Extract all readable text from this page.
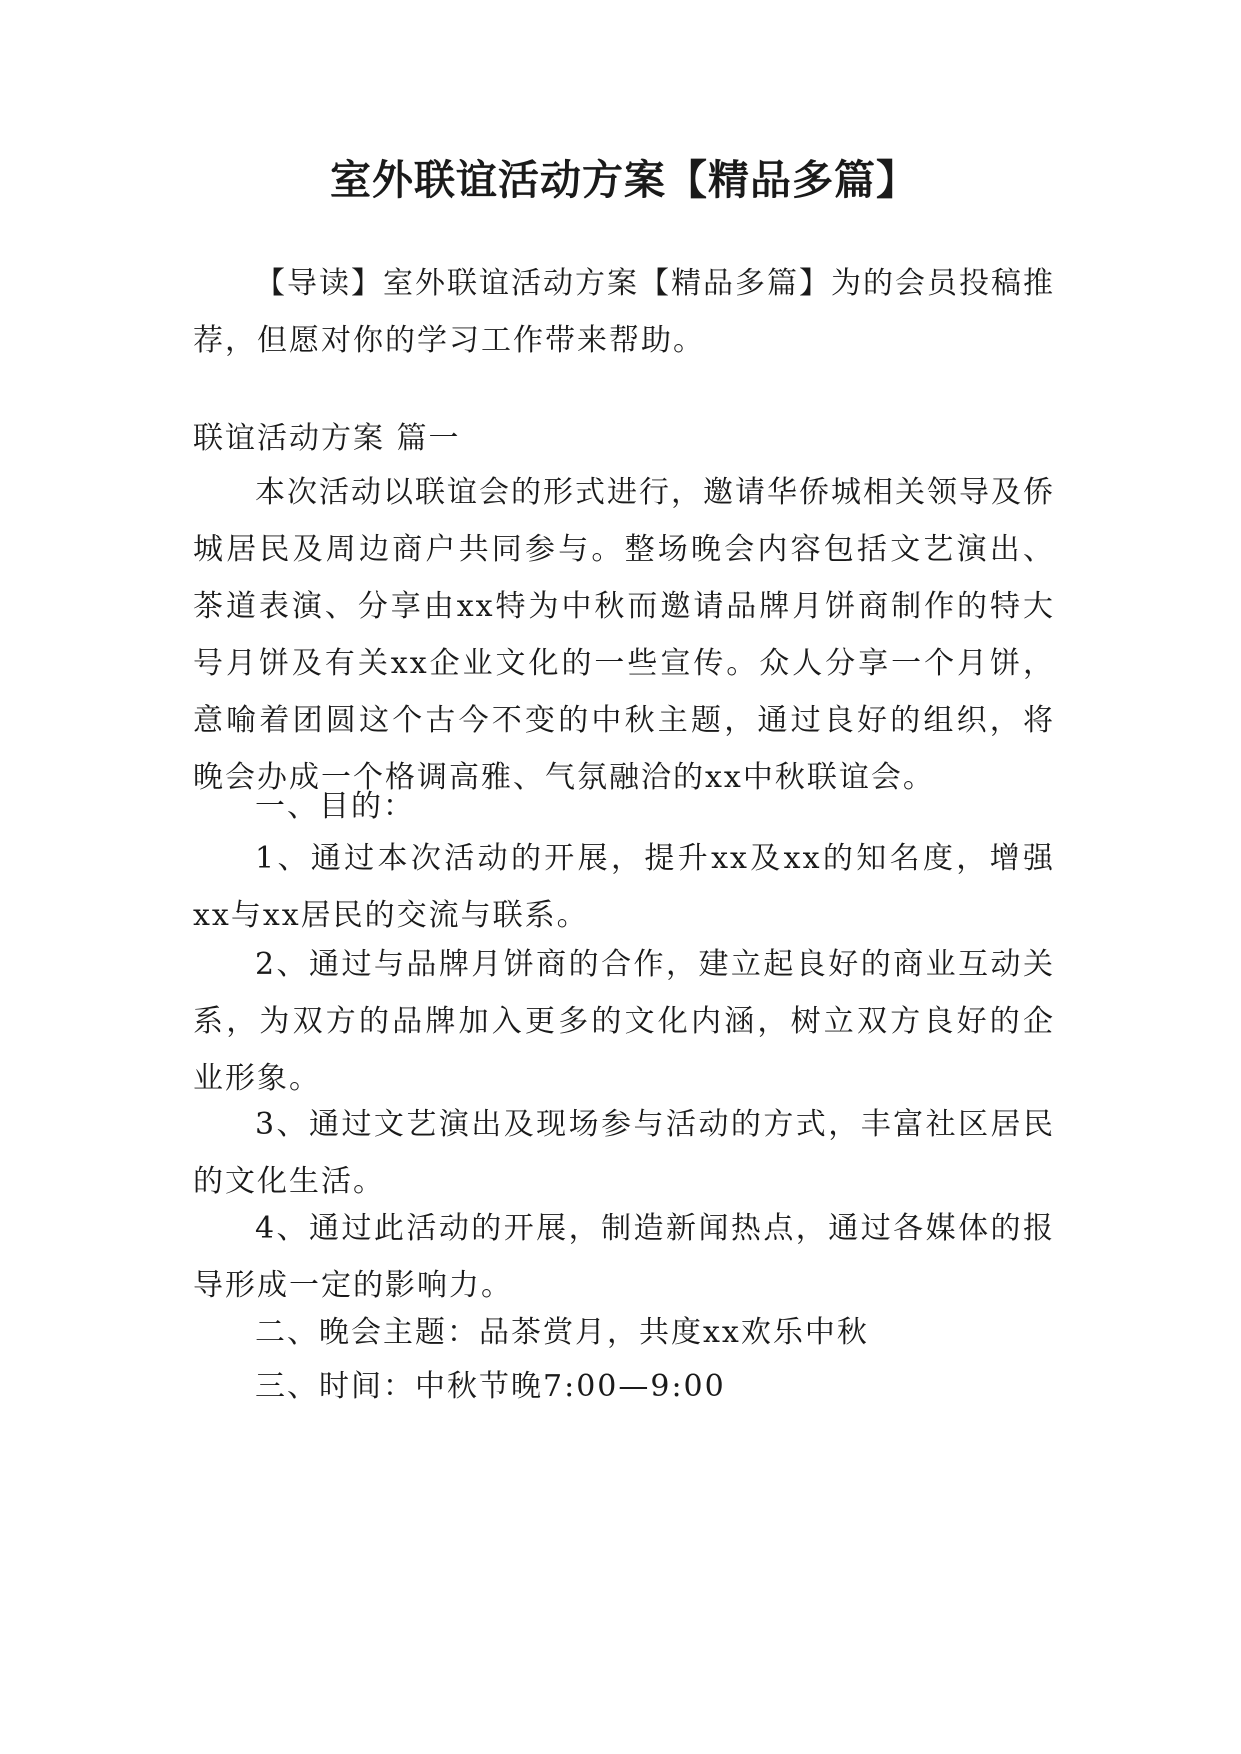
室外联谊活动方案【精品多篇】

【导读】室外联谊活动方案【精品多篇】为的会员投稿推荐，但愿对你的学习工作带来帮助。

联谊活动方案 篇一

本次活动以联谊会的形式进行，邀请华侨城相关领导及侨城居民及周边商户共同参与。整场晚会内容包括文艺演出、茶道表演、分享由xx特为中秋而邀请品牌月饼商制作的特大号月饼及有关xx企业文化的一些宣传。众人分享一个月饼，意喻着团圆这个古今不变的中秋主题，通过良好的组织，将晚会办成一个格调高雅、气氛融洽的xx中秋联谊会。

一、目的：

1、通过本次活动的开展，提升xx及xx的知名度，增强xx与xx居民的交流与联系。

2、通过与品牌月饼商的合作，建立起良好的商业互动关系，为双方的品牌加入更多的文化内涵，树立双方良好的企业形象。

3、通过文艺演出及现场参与活动的方式，丰富社区居民的文化生活。

4、通过此活动的开展，制造新闻热点，通过各媒体的报导形成一定的影响力。

二、晚会主题：品茶赏月，共度xx欢乐中秋

三、时间：中秋节晚7:00—9:00
